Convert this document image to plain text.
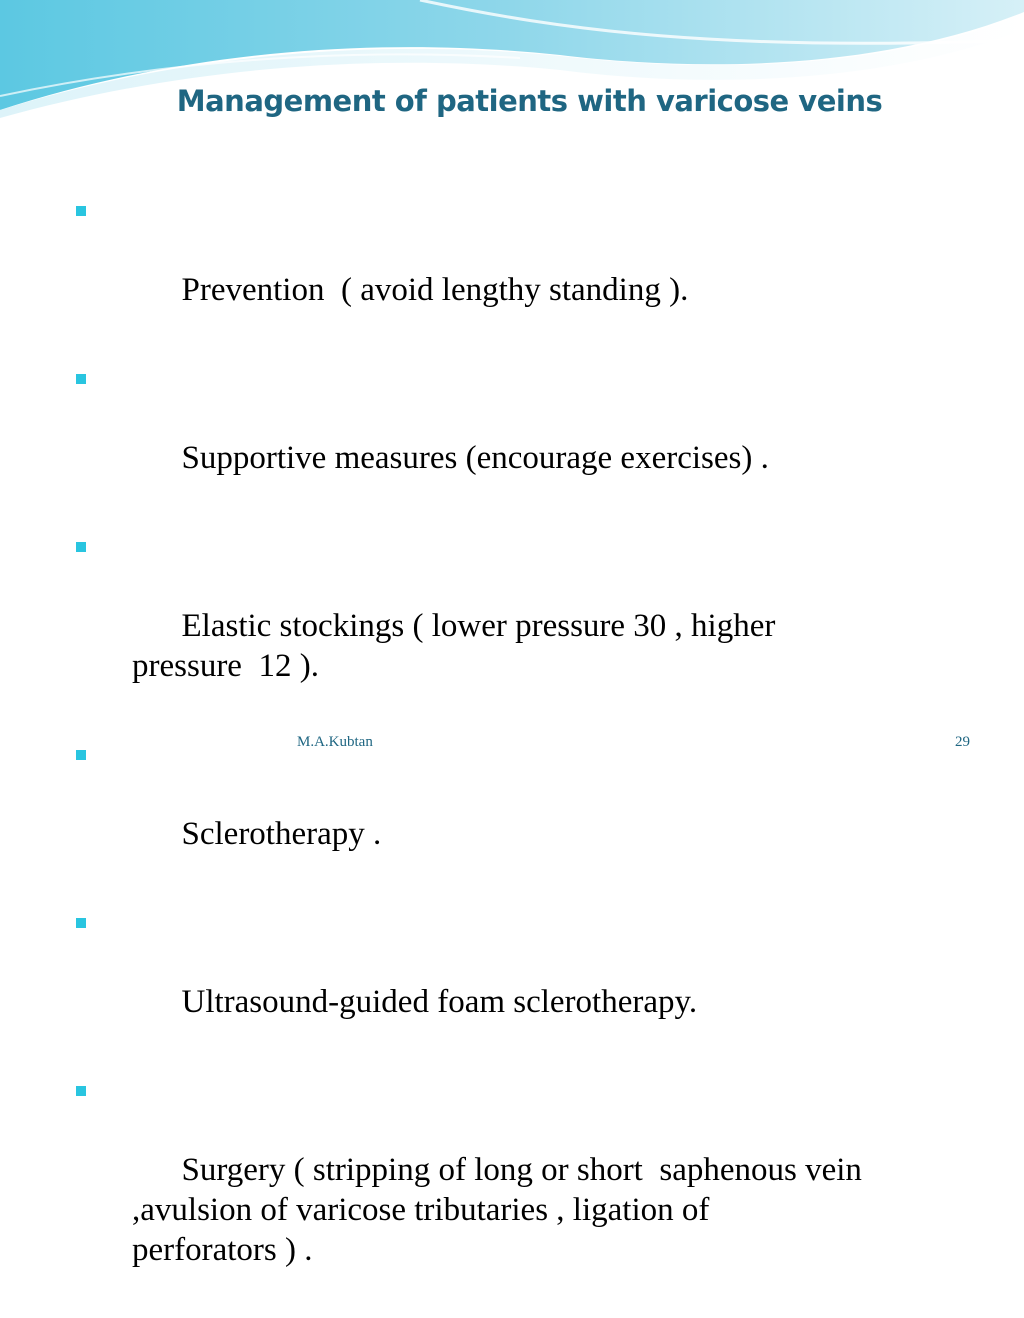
Management of patients with varicose veins

Prevention  ( avoid lengthy standing ).

Supportive measures (encourage exercises) .

Elastic stockings ( lower pressure 30 , higher
pressure  12 ).

Sclerotherapy .

Ultrasound-guided foam sclerotherapy.

Surgery ( stripping of long or short  saphenous vein
,avulsion of varicose tributaries , ligation of
perforators ) .

M.A.Kubtan	29
